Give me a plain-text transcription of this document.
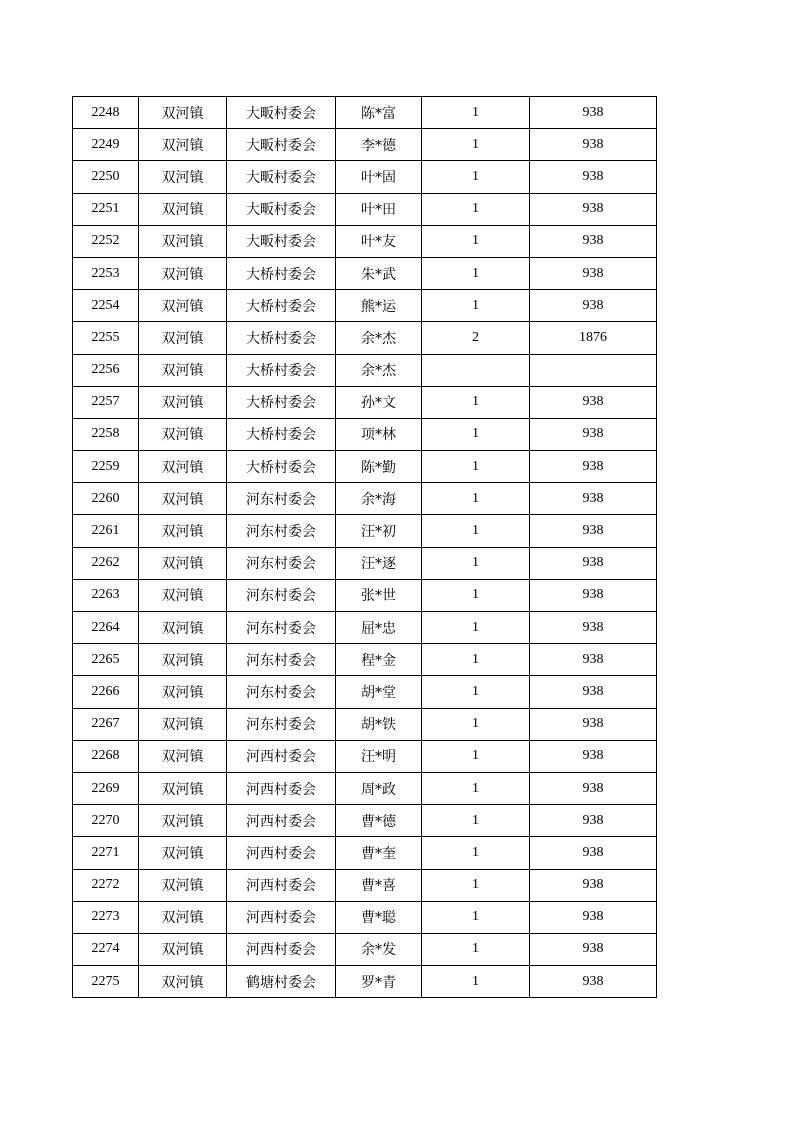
2248	双河镇	大畈村委会	陈*富	1	938
2249	双河镇	大畈村委会	李*德	1	938
2250	双河镇	大畈村委会	叶*固	1	938
2251	双河镇	大畈村委会	叶*田	1	938
2252	双河镇	大畈村委会	叶*友	1	938
2253	双河镇	大桥村委会	朱*武	1	938
2254	双河镇	大桥村委会	熊*运	1	938
2255	双河镇	大桥村委会	余*杰	2	1876
2256	双河镇	大桥村委会	余*杰		
2257	双河镇	大桥村委会	孙*文	1	938
2258	双河镇	大桥村委会	项*林	1	938
2259	双河镇	大桥村委会	陈*勤	1	938
2260	双河镇	河东村委会	余*海	1	938
2261	双河镇	河东村委会	汪*初	1	938
2262	双河镇	河东村委会	汪*逐	1	938
2263	双河镇	河东村委会	张*世	1	938
2264	双河镇	河东村委会	屈*忠	1	938
2265	双河镇	河东村委会	程*金	1	938
2266	双河镇	河东村委会	胡*堂	1	938
2267	双河镇	河东村委会	胡*铁	1	938
2268	双河镇	河西村委会	汪*明	1	938
2269	双河镇	河西村委会	周*政	1	938
2270	双河镇	河西村委会	曹*德	1	938
2271	双河镇	河西村委会	曹*奎	1	938
2272	双河镇	河西村委会	曹*喜	1	938
2273	双河镇	河西村委会	曹*聪	1	938
2274	双河镇	河西村委会	余*发	1	938
2275	双河镇	鹤塘村委会	罗*青	1	938
